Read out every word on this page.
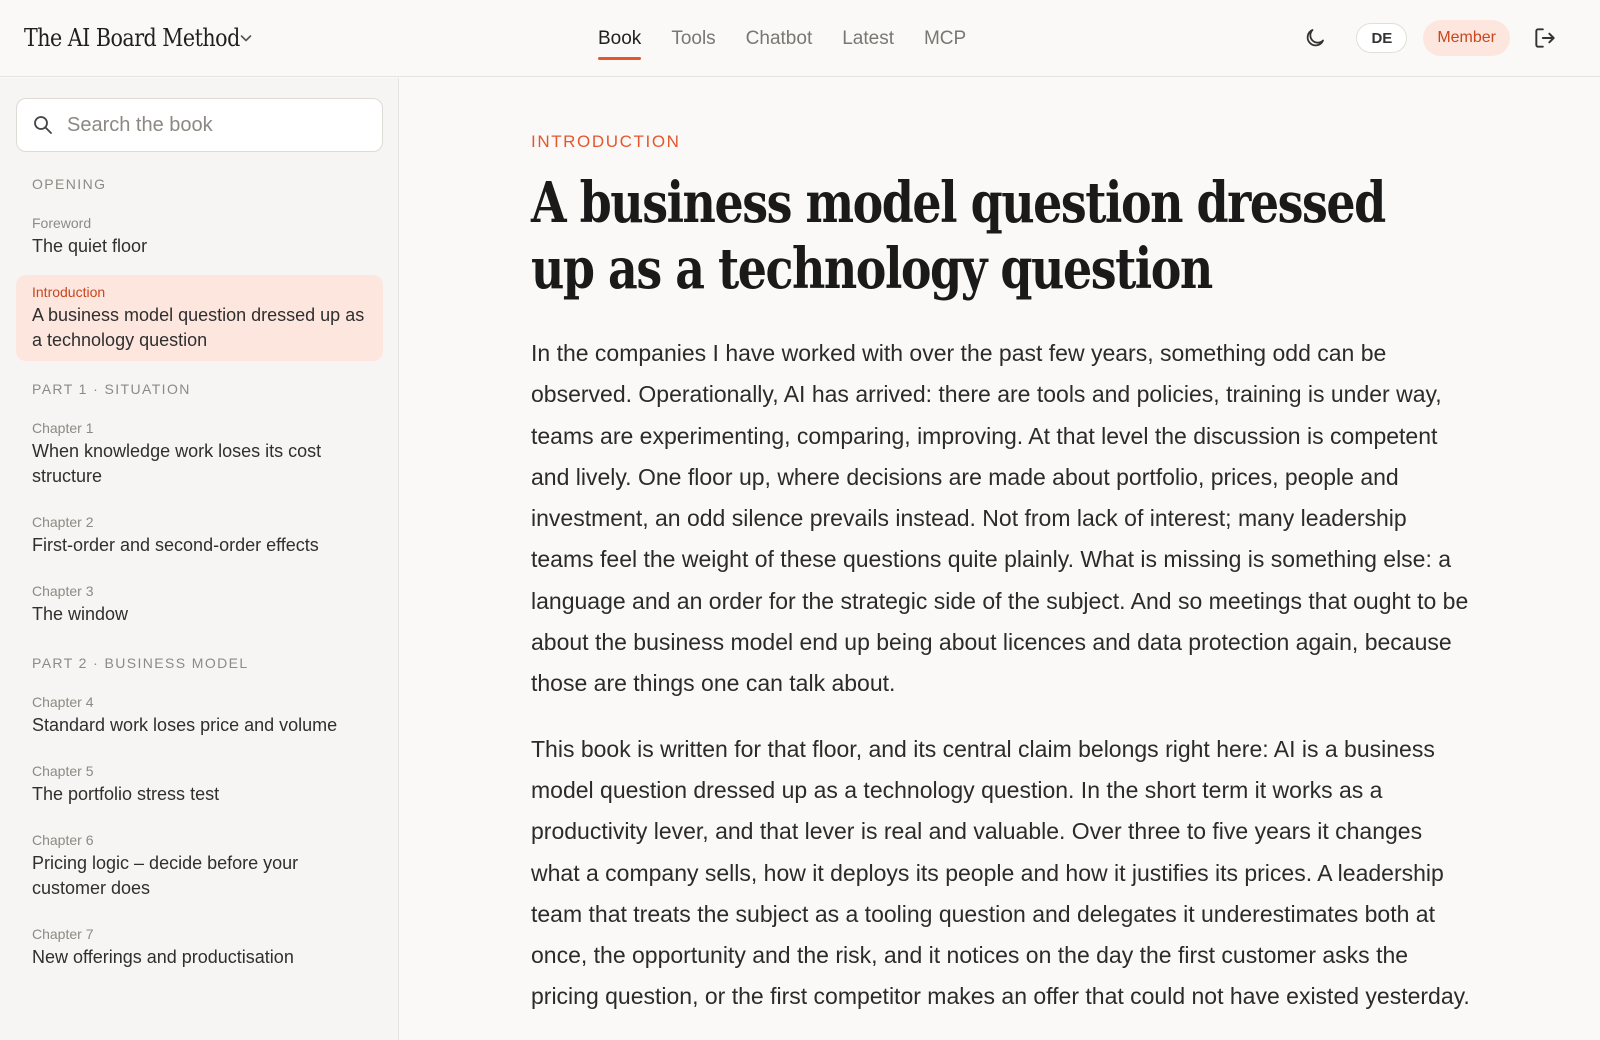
The AI Board Method	Book Tools Chatbot Latest MCP	DE	Member
Search the book
OPENING
Foreword
The quiet floor
Introduction
A business model question dressed up as a technology question
PART 1 · SITUATION
Chapter 1
When knowledge work loses its cost structure
Chapter 2
First-order and second-order effects
Chapter 3
The window
PART 2 · BUSINESS MODEL
Chapter 4
Standard work loses price and volume
Chapter 5
The portfolio stress test
Chapter 6
Pricing logic – decide before your customer does
Chapter 7
New offerings and productisation
INTRODUCTION
A business model question dressed up as a technology question

In the companies I have worked with over the past few years, something odd can be observed. Operationally, AI has arrived: there are tools and policies, training is under way, teams are experimenting, comparing, improving. At that level the discussion is competent and lively. One floor up, where decisions are made about portfolio, prices, people and investment, an odd silence prevails instead. Not from lack of interest; many leadership teams feel the weight of these questions quite plainly. What is missing is something else: a language and an order for the strategic side of the subject. And so meetings that ought to be about the business model end up being about licences and data protection again, because those are things one can talk about.

This book is written for that floor, and its central claim belongs right here: AI is a business model question dressed up as a technology question. In the short term it works as a productivity lever, and that lever is real and valuable. Over three to five years it changes what a company sells, how it deploys its people and how it justifies its prices. A leadership team that treats the subject as a tooling question and delegates it underestimates both at once, the opportunity and the risk, and it notices on the day the first customer asks the pricing question, or the first competitor makes an offer that could not have existed yesterday.
